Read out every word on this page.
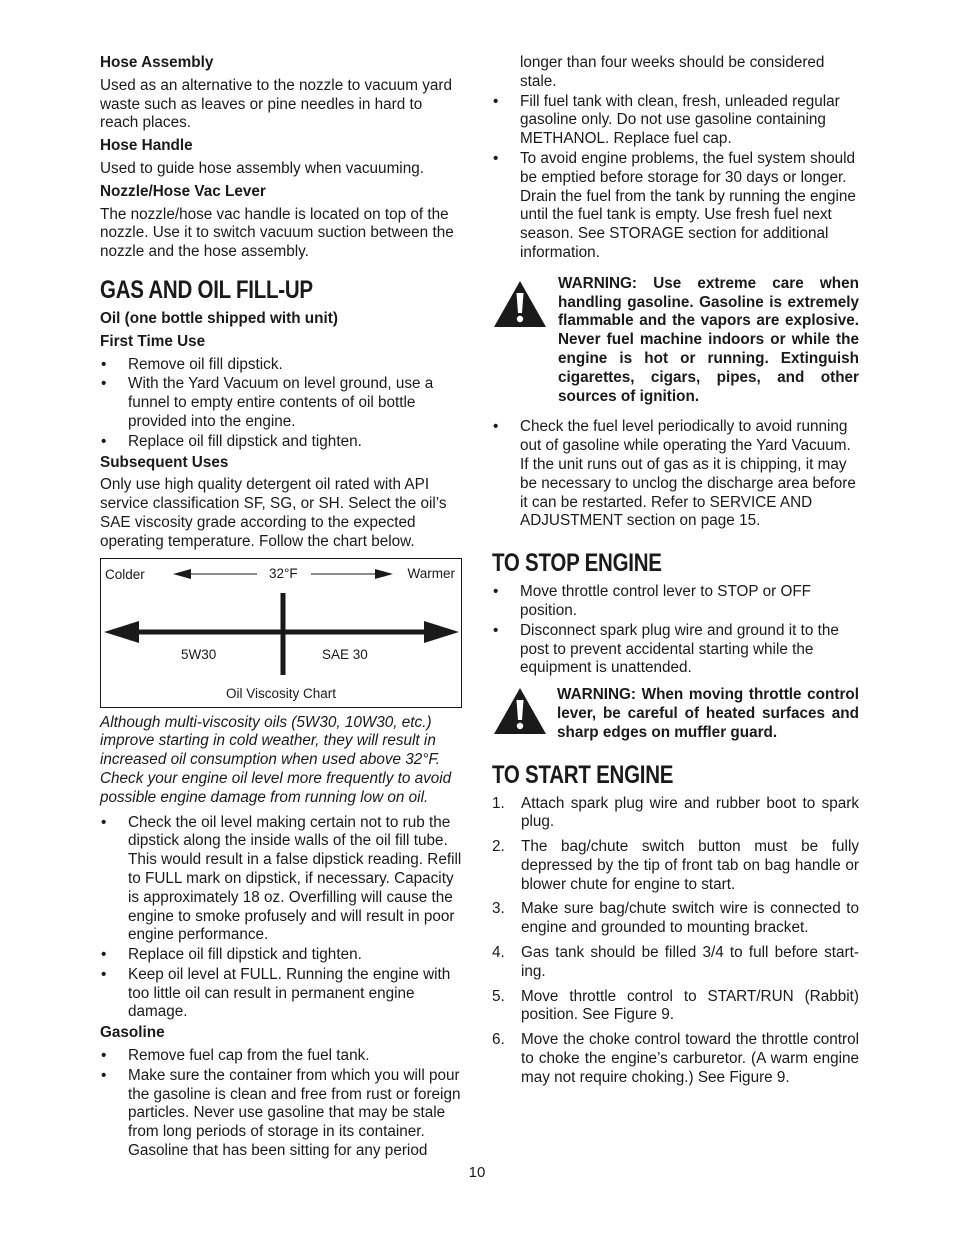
Hose Assembly

Used as an alternative to the nozzle to vacuum yard waste such as leaves or pine needles in hard to reach places.

Hose Handle

Used to guide hose assembly when vacuuming.

Nozzle/Hose Vac Lever

The nozzle/hose vac handle is located on top of the nozzle. Use it to switch vacuum suction between the nozzle and the hose assembly.

GAS AND OIL FILL-UP
Oil (one bottle shipped with unit)
First Time Use
• Remove oil fill dipstick.
• With the Yard Vacuum on level ground, use a funnel to empty entire contents of oil bottle provided into the engine.
• Replace oil fill dipstick and tighten.
Subsequent Uses

Only use high quality detergent oil rated with API service classification SF, SG, or SH. Select the oil’s SAE viscosity grade according to the expected operating temperature. Follow the chart below.

Colder	32°F	Warmer
5W30	SAE 30
Oil Viscosity Chart

Although multi-viscosity oils (5W30, 10W30, etc.) improve starting in cold weather, they will result in increased oil consumption when used above 32°F. Check your engine oil level more frequently to avoid possible engine damage from running low on oil.

• Check the oil level making certain not to rub the dipstick along the inside walls of the oil fill tube. This would result in a false dipstick reading. Refill to FULL mark on dipstick, if necessary. Capacity is approximately 18 oz. Overfilling will cause the engine to smoke profusely and will result in poor engine performance.
• Replace oil fill dipstick and tighten.
• Keep oil level at FULL. Running the engine with too little oil can result in permanent engine damage.
Gasoline
• Remove fuel cap from the fuel tank.
• Make sure the container from which you will pour the gasoline is clean and free from rust or foreign particles. Never use gasoline that may be stale from long periods of storage in its container. Gasoline that has been sitting for any period

longer than four weeks should be considered stale.

• Fill fuel tank with clean, fresh, unleaded regular gasoline only. Do not use gasoline containing METHANOL. Replace fuel cap.
• To avoid engine problems, the fuel system should be emptied before storage for 30 days or longer. Drain the fuel from the tank by running the engine until the fuel tank is empty. Use fresh fuel next season. See STORAGE section for additional information.
WARNING: Use extreme care when handling gasoline. Gasoline is extremely flammable and the vapors are explosive. Never fuel machine indoors or while the engine is hot or running. Extinguish cigarettes, cigars, pipes, and other sources of ignition.
• Check the fuel level periodically to avoid running out of gasoline while operating the Yard Vacuum. If the unit runs out of gas as it is chipping, it may be necessary to unclog the discharge area before it can be restarted. Refer to SERVICE AND ADJUSTMENT section on page 15.
TO STOP ENGINE
• Move throttle control lever to STOP or OFF position.
• Disconnect spark plug wire and ground it to the post to prevent accidental starting while the equipment is unattended.
WARNING: When moving throttle control lever, be careful of heated surfaces and sharp edges on muffler guard.
TO START ENGINE
1. Attach spark plug wire and rubber boot to spark plug.
2. The bag/chute switch button must be fully depressed by the tip of front tab on bag handle or blower chute for engine to start.
3. Make sure bag/chute switch wire is connected to engine and grounded to mounting bracket.
4. Gas tank should be filled 3/4 to full before start-ing.
5. Move throttle control to START/RUN (Rabbit) position. See Figure 9.
6. Move the choke control toward the throttle control to choke the engine’s carburetor. (A warm engine may not require choking.) See Figure 9.
10
